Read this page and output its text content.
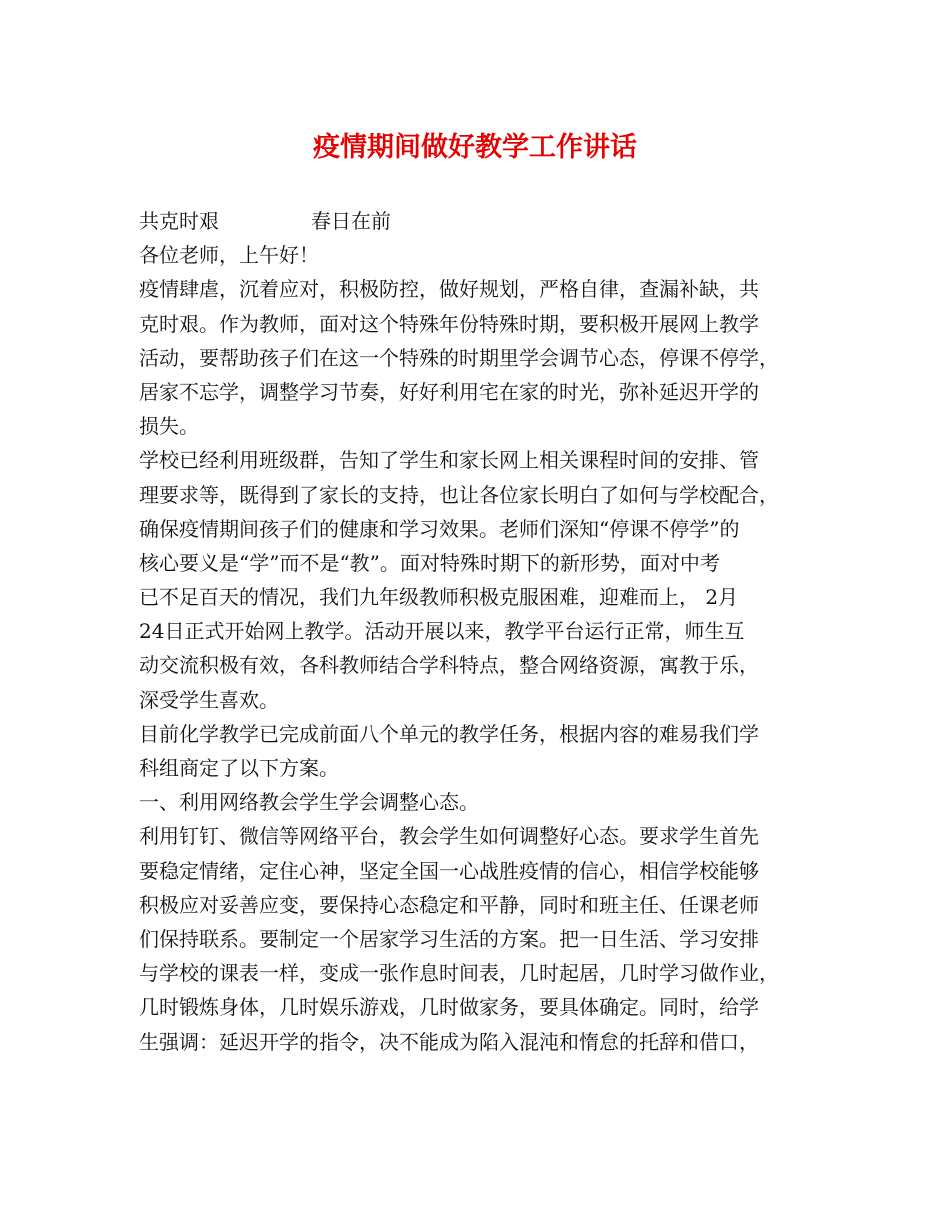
疫情期间做好教学工作讲话
共克时艰	春日在前
各位老师，上午好！
疫情肆虐，沉着应对，积极防控，做好规划，严格自律，查漏补缺，共
克时艰。作为教师，面对这个特殊年份特殊时期，要积极开展网上教学
活动，要帮助孩子们在这一个特殊的时期里学会调节心态，停课不停学，
居家不忘学，调整学习节奏，好好利用宅在家的时光，弥补延迟开学的
损失。
学校已经利用班级群，告知了学生和家长网上相关课程时间的安排、管
理要求等，既得到了家长的支持，也让各位家长明白了如何与学校配合，
确保疫情期间孩子们的健康和学习效果。老师们深知“停课不停学”的
核心要义是“学”而不是“教”。面对特殊时期下的新形势，面对中考
已不足百天的情况，我们九年级教师积极克服困难，迎难而上， 2月
24日正式开始网上教学。活动开展以来，教学平台运行正常，师生互
动交流积极有效，各科教师结合学科特点，整合网络资源，寓教于乐，
深受学生喜欢。
目前化学教学已完成前面八个单元的教学任务，根据内容的难易我们学
科组商定了以下方案。
一、利用网络教会学生学会调整心态。
利用钉钉、微信等网络平台，教会学生如何调整好心态。要求学生首先
要稳定情绪，定住心神，坚定全国一心战胜疫情的信心，相信学校能够
积极应对妥善应变，要保持心态稳定和平静，同时和班主任、任课老师
们保持联系。要制定一个居家学习生活的方案。把一日生活、学习安排
与学校的课表一样，变成一张作息时间表，几时起居，几时学习做作业，
几时锻炼身体，几时娱乐游戏，几时做家务，要具体确定。同时，给学
生强调：延迟开学的指令，决不能成为陷入混沌和惰怠的托辞和借口，
